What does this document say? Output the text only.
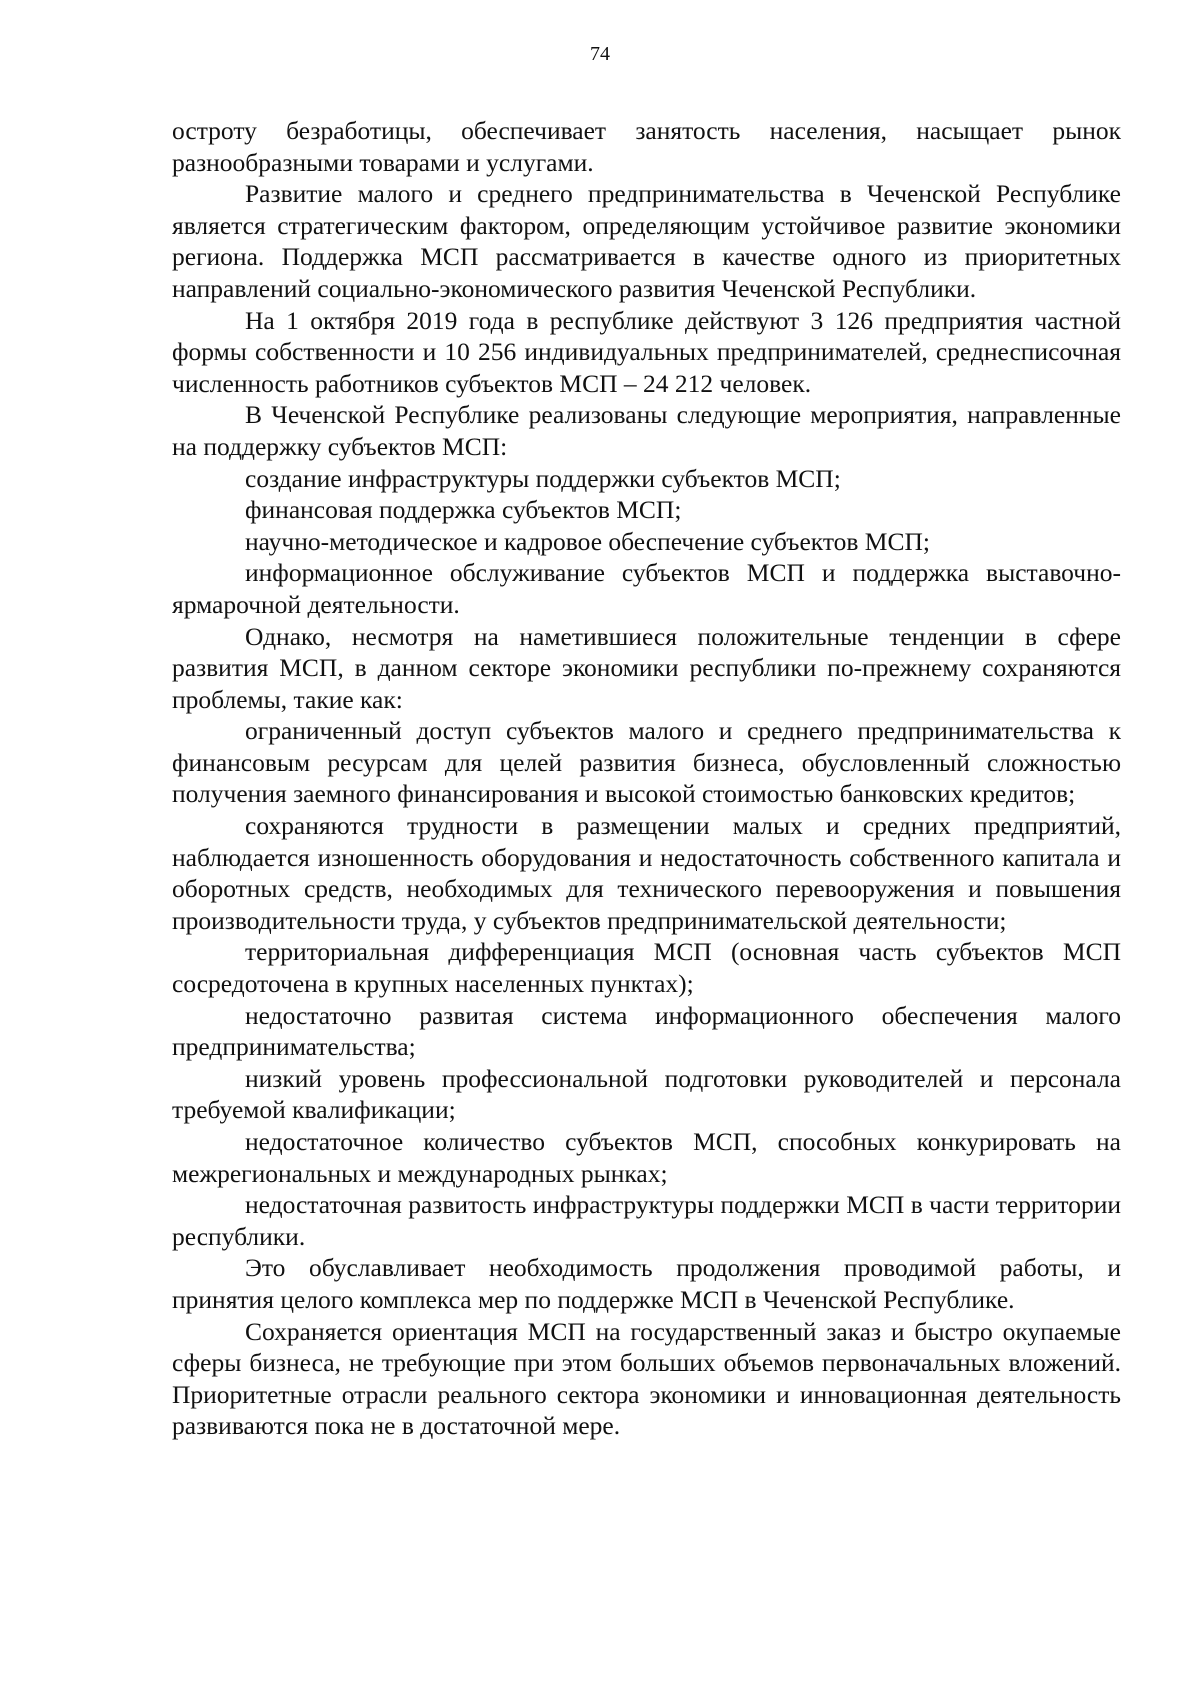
74

остроту безработицы, обеспечивает занятость населения, насыщает рынок разнообразными товарами и услугами.

Развитие малого и среднего предпринимательства в Чеченской Республике является стратегическим фактором, определяющим устойчивое развитие экономики региона. Поддержка МСП рассматривается в качестве одного из приоритетных направлений социально-экономического развития Чеченской Республики.

На 1 октября 2019 года в республике действуют 3 126 предприятия частной формы собственности и 10 256 индивидуальных предпринимателей, среднесписочная численность работников субъектов МСП – 24 212 человек.

В Чеченской Республике реализованы следующие мероприятия, направленные на поддержку субъектов МСП:

создание инфраструктуры поддержки субъектов МСП;

финансовая поддержка субъектов МСП;

научно-методическое и кадровое обеспечение субъектов МСП;

информационное обслуживание субъектов МСП и поддержка выставочно-ярмарочной деятельности.

Однако, несмотря на наметившиеся положительные тенденции в сфере развития МСП, в данном секторе экономики республики по-прежнему сохраняются проблемы, такие как:

ограниченный доступ субъектов малого и среднего предпринимательства к финансовым ресурсам для целей развития бизнеса, обусловленный сложностью получения заемного финансирования и высокой стоимостью банковских кредитов;

сохраняются трудности в размещении малых и средних предприятий, наблюдается изношенность оборудования и недостаточность собственного капитала и оборотных средств, необходимых для технического перевооружения и повышения производительности труда, у субъектов предпринимательской деятельности;

территориальная дифференциация МСП (основная часть субъектов МСП сосредоточена в крупных населенных пунктах);

недостаточно развитая система информационного обеспечения малого предпринимательства;

низкий уровень профессиональной подготовки руководителей и персонала требуемой квалификации;

недостаточное количество субъектов МСП, способных конкурировать на межрегиональных и международных рынках;

недостаточная развитость инфраструктуры поддержки МСП в части территории республики.

Это обуславливает необходимость продолжения проводимой работы, и принятия целого комплекса мер по поддержке МСП в Чеченской Республике.

Сохраняется ориентация МСП на государственный заказ и быстро окупаемые сферы бизнеса, не требующие при этом больших объемов первоначальных вложений. Приоритетные отрасли реального сектора экономики и инновационная деятельность развиваются пока не в достаточной мере.
